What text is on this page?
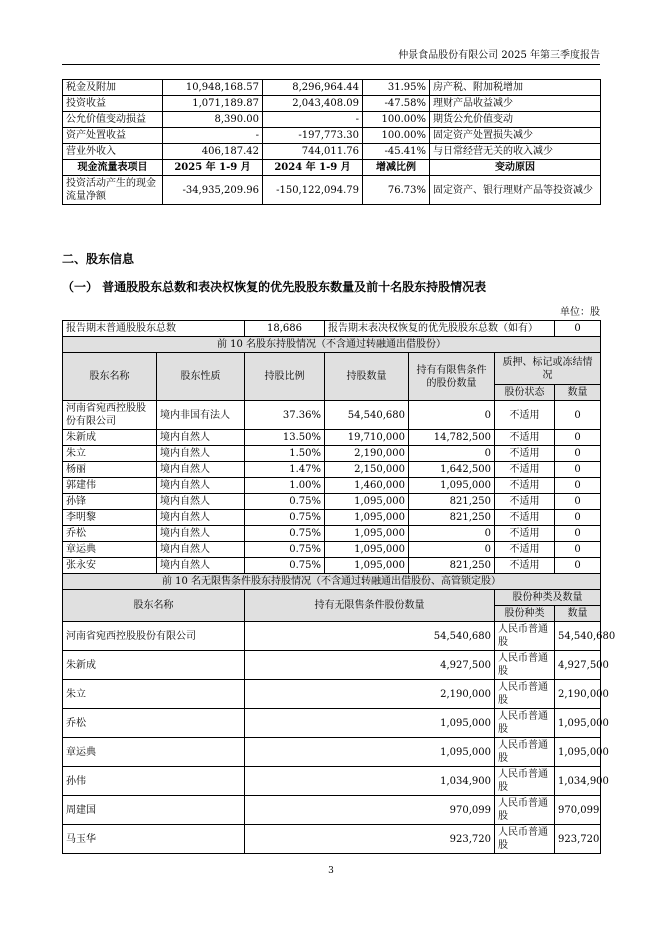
仲景食品股份有限公司 2025 年第三季度报告
税金及附加	10,948,168.57	8,296,964.44	31.95%	房产税、附加税增加
投资收益	1,071,189.87	2,043,408.09	-47.58%	理财产品收益减少
公允价值变动损益	8,390.00	-	100.00%	期货公允价值变动
资产处置收益	-	-197,773.30	100.00%	固定资产处置损失减少
营业外收入	406,187.42	744,011.76	-45.41%	与日常经营无关的收入减少
现金流量表项目	2025 年 1-9 月	2024 年 1-9 月	增减比例	变动原因
投资活动产生的现金流量净额	-34,935,209.96	-150,122,094.79	76.73%	固定资产、银行理财产品等投资减少
二、股东信息
（一） 普通股股东总数和表决权恢复的优先股股东数量及前十名股东持股情况表
单位：股
报告期末普通股股东总数		18,686	报告期末表决权恢复的优先股股东总数（如有）			0
前 10 名股东持股情况（不含通过转融通出借股份）						
股东名称	股东性质	持股比例	持股数量	持有有限售条件的股份数量	质押、标记或冻结情况	
					股份状态	数量
河南省宛西控股股份有限公司	境内非国有法人	37.36%	54,540,680	0	不适用	0
朱新成	境内自然人	13.50%	19,710,000	14,782,500	不适用	0
朱立	境内自然人	1.50%	2,190,000	0	不适用	0
杨丽	境内自然人	1.47%	2,150,000	1,642,500	不适用	0
郭建伟	境内自然人	1.00%	1,460,000	1,095,000	不适用	0
孙锋	境内自然人	0.75%	1,095,000	821,250	不适用	0
李明黎	境内自然人	0.75%	1,095,000	821,250	不适用	0
乔松	境内自然人	0.75%	1,095,000	0	不适用	0
章运典	境内自然人	0.75%	1,095,000	0	不适用	0
张永安	境内自然人	0.75%	1,095,000	821,250	不适用	0
前 10 名无限售条件股东持股情况（不含通过转融通出借股份、高管锁定股）						
股东名称		持有无限售条件股份数量			股份种类及数量	
					股份种类	数量
河南省宛西控股股份有限公司		54,540,680			人民币普通股	54,540,680
朱新成		4,927,500			人民币普通股	4,927,500
朱立		2,190,000			人民币普通股	2,190,000
乔松		1,095,000			人民币普通股	1,095,000
章运典		1,095,000			人民币普通股	1,095,000
孙伟		1,034,900			人民币普通股	1,034,900
周建国		970,099			人民币普通股	970,099
马玉华		923,720			人民币普通股	923,720
3
